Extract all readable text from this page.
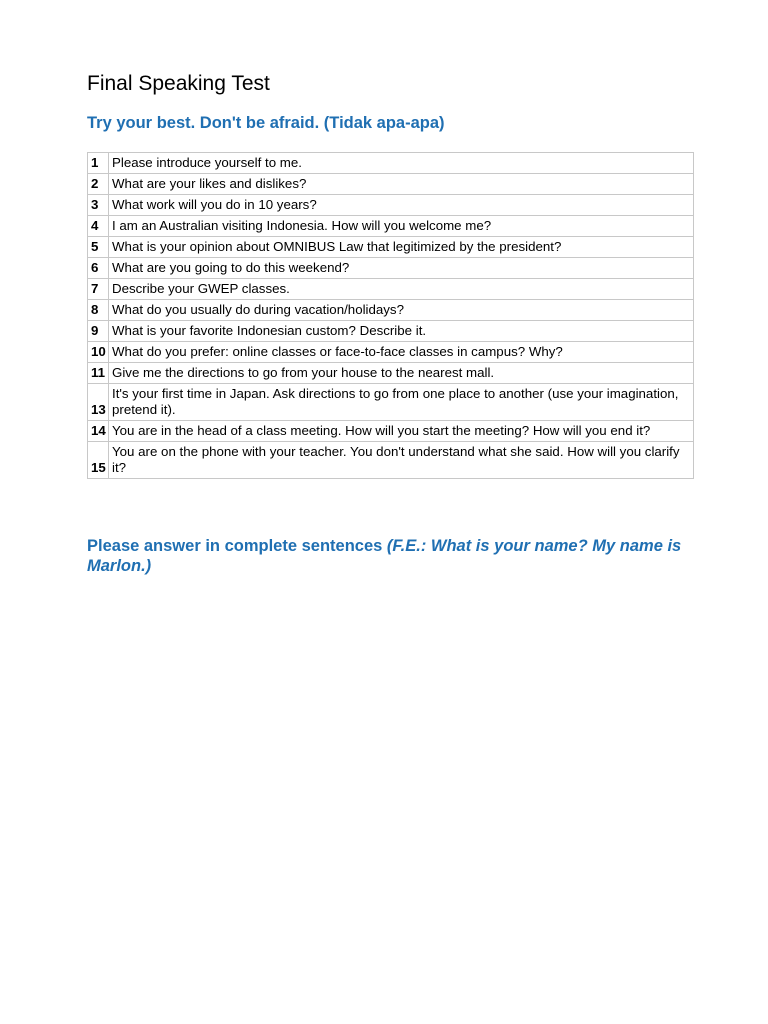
Final Speaking Test
Try your best. Don't be afraid. (Tidak apa-apa)
1	Please introduce yourself to me.
2	What are your likes and dislikes?
3	What work will you do in 10 years?
4	I am an Australian visiting Indonesia. How will you welcome me?
5	What is your opinion about OMNIBUS Law that legitimized by the president?
6	What are you going to do this weekend?
7	Describe your GWEP classes.
8	What do you usually do during vacation/holidays?
9	What is your favorite Indonesian custom? Describe it.
10	What do you prefer: online classes or face-to-face classes in campus? Why?
11	Give me the directions to go from your house to the nearest mall.
13	It's your first time in Japan. Ask directions to go from one place to another (use your imagination, pretend it).
14	You are in the head of a class meeting. How will you start the meeting? How will you end it?
15	You are on the phone with your teacher. You don't understand what she said. How will you clarify it?

Please answer in complete sentences (F.E.: What is your name? My name is Marlon.)
